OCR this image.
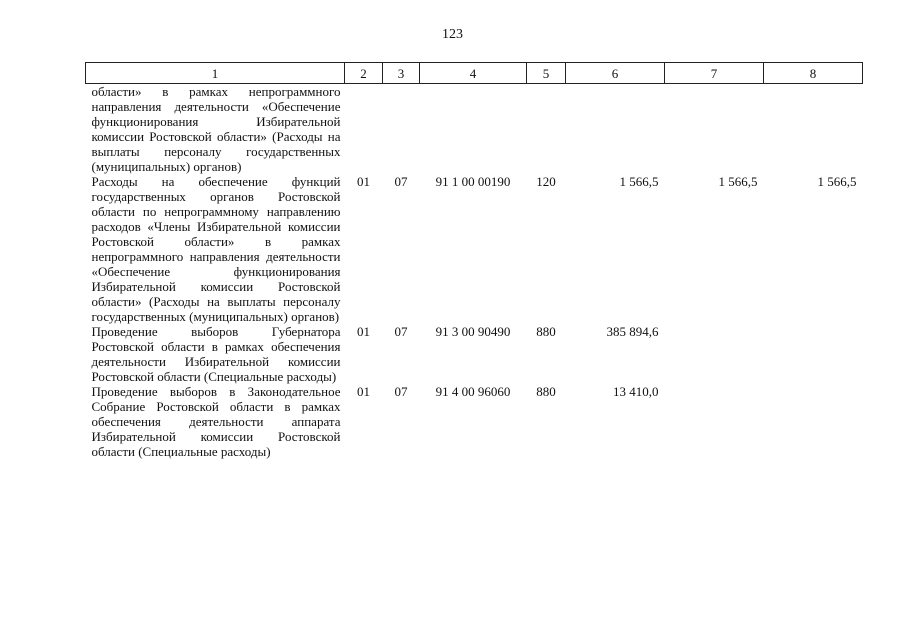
123
1	2	3	4	5	6	7	8
области» в рамках непрограммного направления деятельности «Обеспечение функционирования Избирательной комиссии Ростовской области» (Расходы на выплаты персоналу государственных (муниципальных) органов)							
Расходы на обеспечение функций государственных органов Ростовской области по непрограммному направлению расходов «Члены Избирательной комиссии Ростовской области» в рамках непрограммного направления деятельности «Обеспечение функционирования Избирательной комиссии Ростовской области» (Расходы на выплаты персоналу государственных (муниципальных) органов)	01	07	91 1 00 00190	120	1 566,5	1 566,5	1 566,5
Проведение выборов Губернатора Ростовской области в рамках обеспечения деятельности Избирательной комиссии Ростовской области (Специальные расходы)	01	07	91 3 00 90490	880	385 894,6		
Проведение выборов в Законодательное Собрание Ростовской области в рамках обеспечения деятельности аппарата Избирательной комиссии Ростовской области (Специальные расходы)	01	07	91 4 00 96060	880	13 410,0		
